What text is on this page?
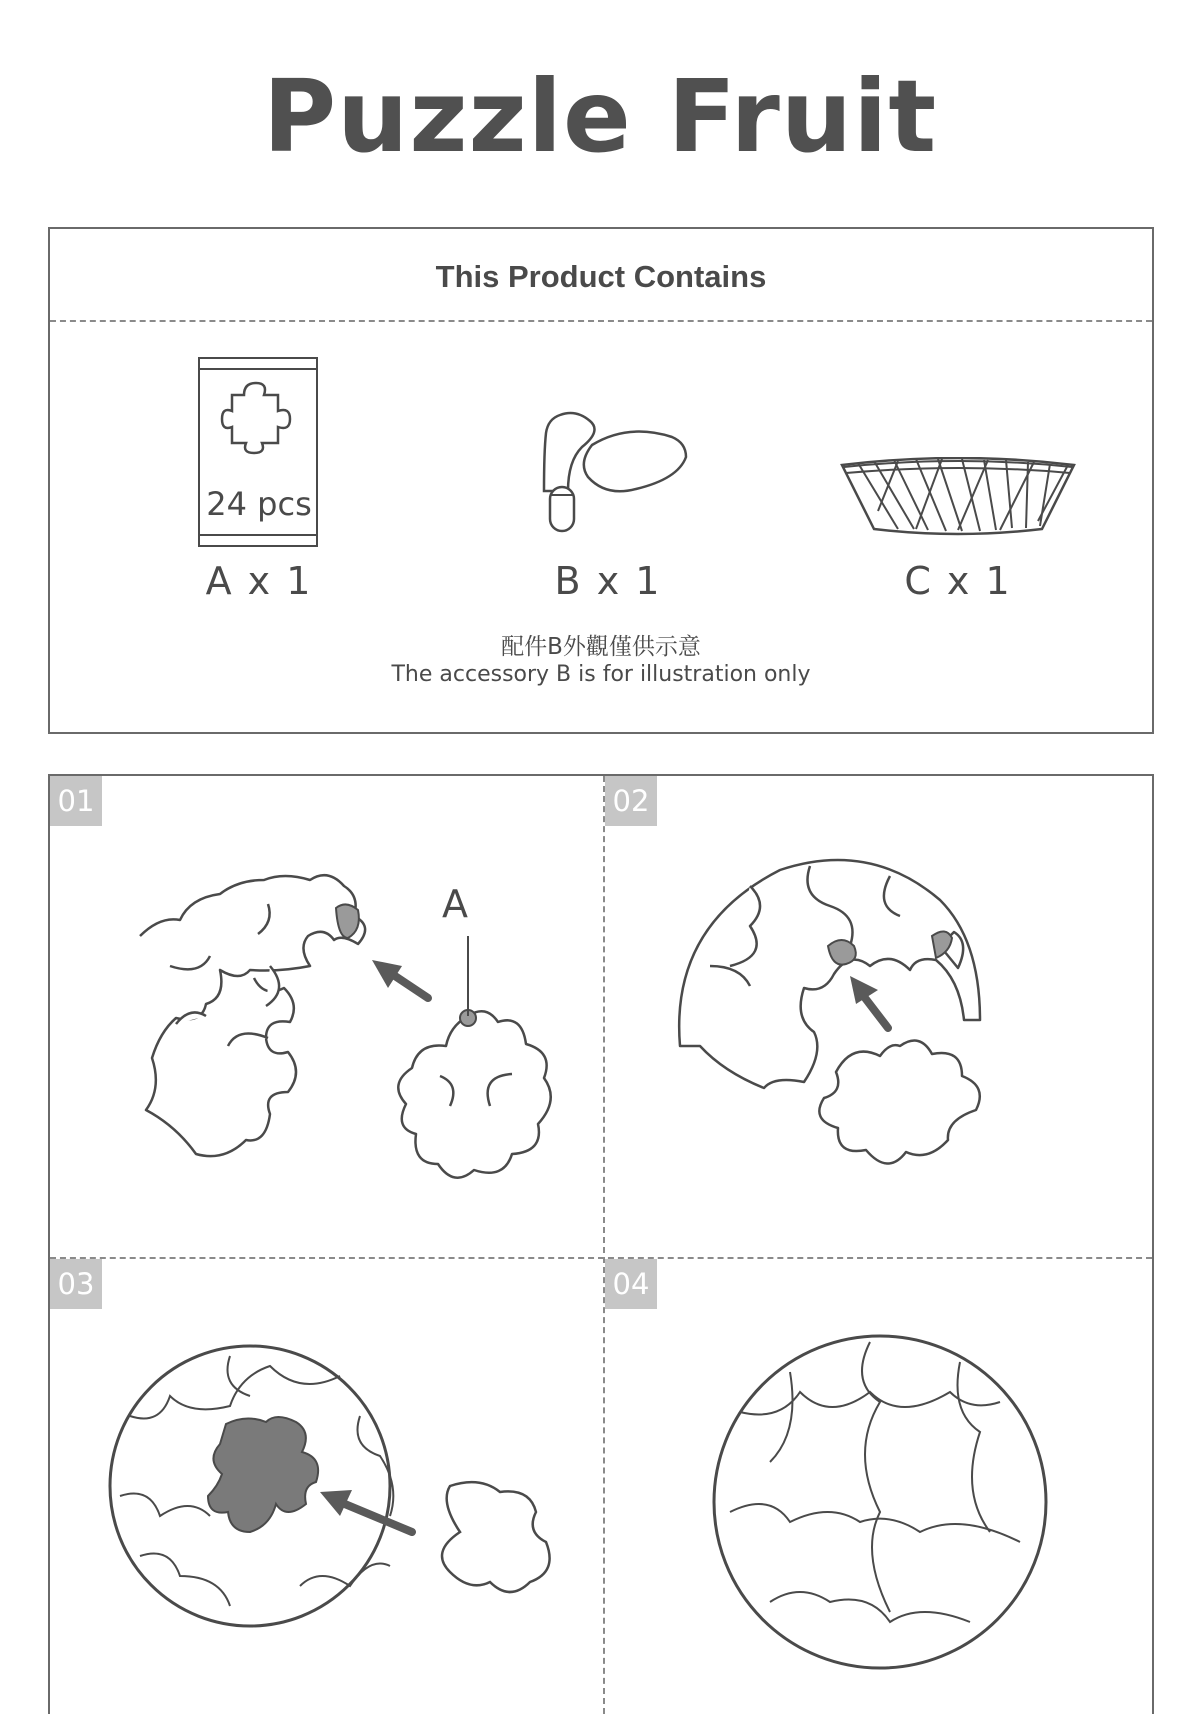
Puzzle Fruit
This Product Contains
24 pcs
A x 1	B x 1	C x 1
配件B外觀僅供示意
The accessory B is for illustration only
01	02
03	04
A
